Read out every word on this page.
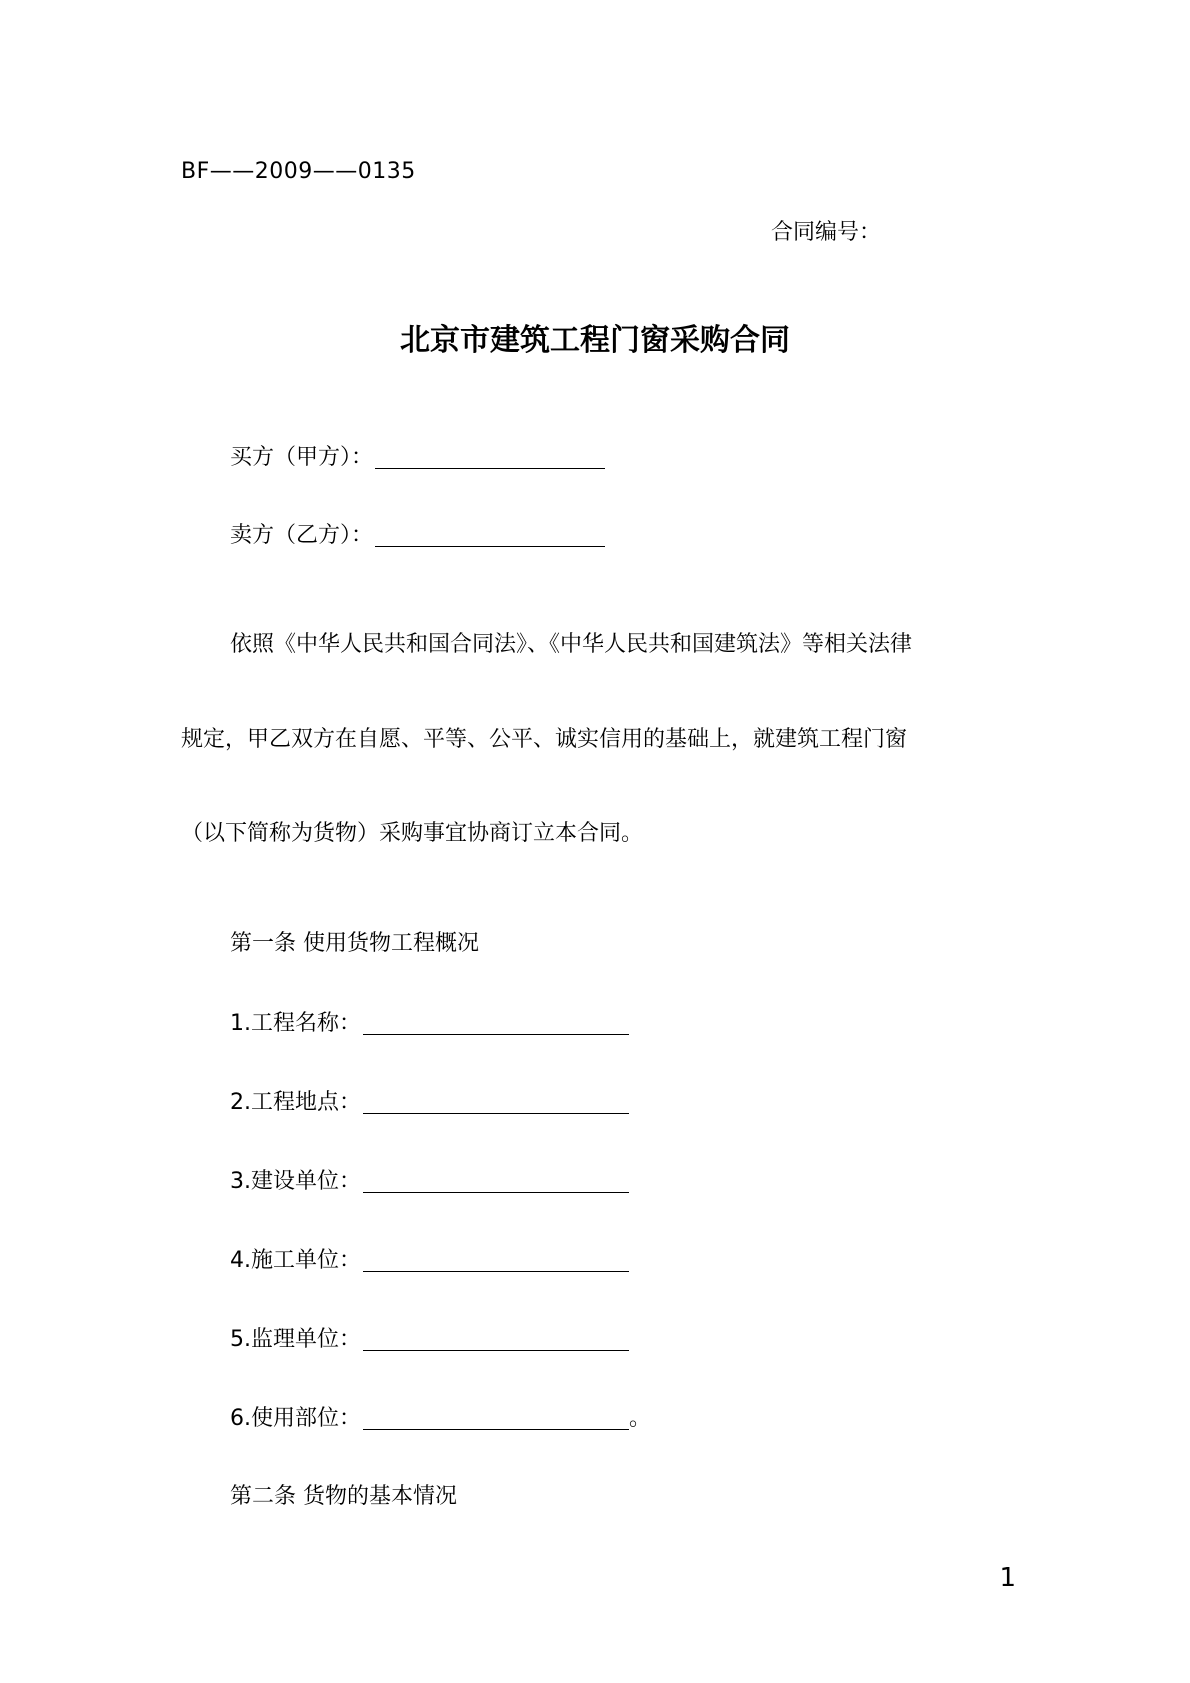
BF——2009——0135
合同编号：
北京市建筑工程门窗采购合同
买方（甲方）：
卖方（乙方）：
依照《中华人民共和国合同法》、《中华人民共和国建筑法》等相关法律
规定，甲乙双方在自愿、平等、公平、诚实信用的基础上，就建筑工程门窗
（以下简称为货物）采购事宜协商订立本合同。
第一条 使用货物工程概况
1.工程名称：
2.工程地点：
3.建设单位：
4.施工单位：
5.监理单位：
6.使用部位：	。
第二条 货物的基本情况
1
